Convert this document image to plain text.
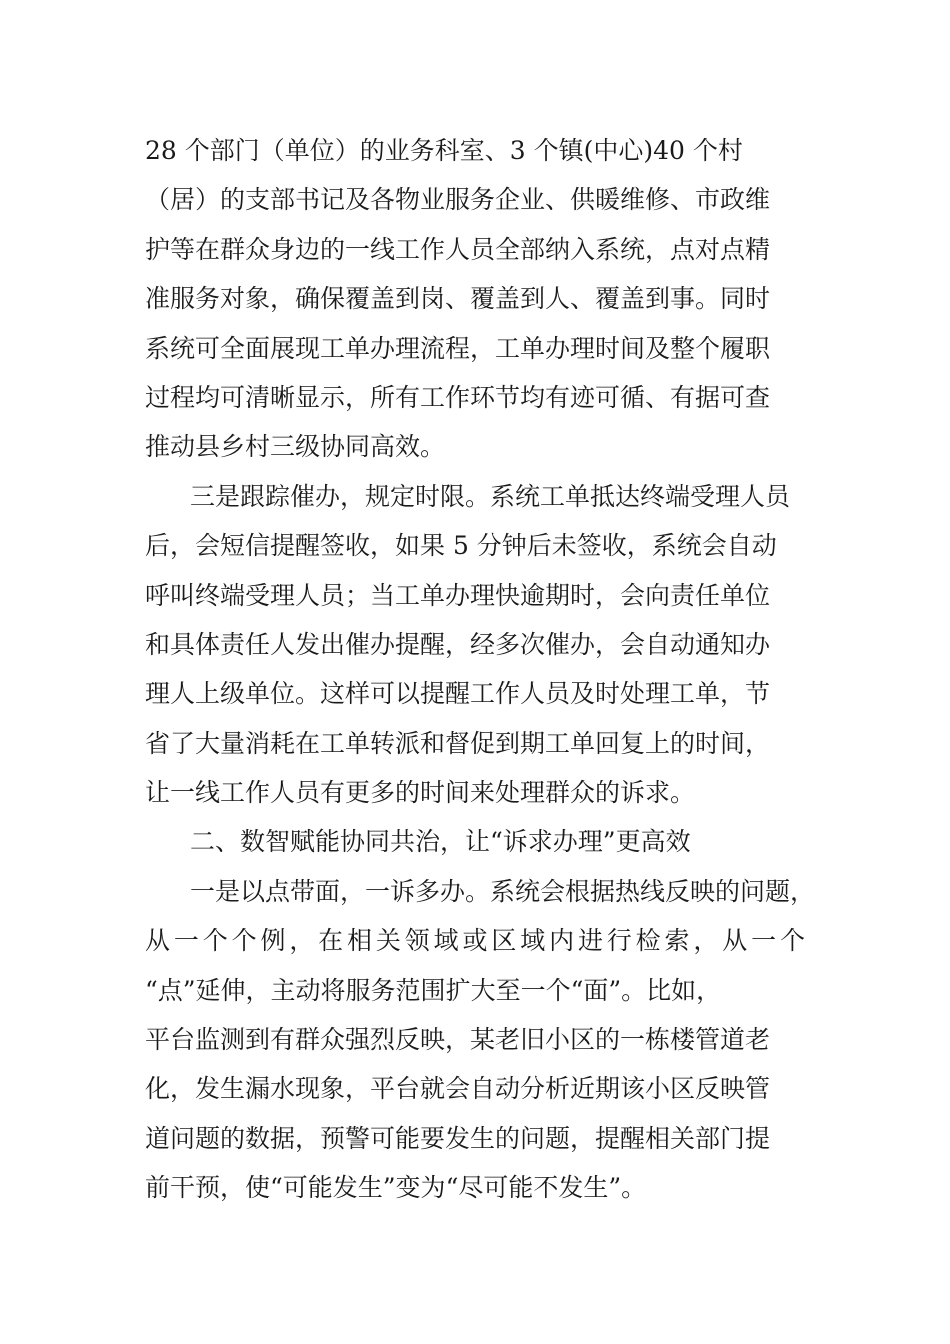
28 个部门（单位）的业务科室、3 个镇(中心)40 个村
（居）的支部书记及各物业服务企业、供暖维修、市政维
护等在群众身边的一线工作人员全部纳入系统，点对点精
准服务对象，确保覆盖到岗、覆盖到人、覆盖到事。同时
系统可全面展现工单办理流程，工单办理时间及整个履职
过程均可清晰显示，所有工作环节均有迹可循、有据可查
推动县乡村三级协同高效。
三是跟踪催办，规定时限。系统工单抵达终端受理人员
后，会短信提醒签收，如果 5 分钟后未签收，系统会自动
呼叫终端受理人员；当工单办理快逾期时，会向责任单位
和具体责任人发出催办提醒，经多次催办，会自动通知办
理人上级单位。这样可以提醒工作人员及时处理工单，节
省了大量消耗在工单转派和督促到期工单回复上的时间，
让一线工作人员有更多的时间来处理群众的诉求。
二、数智赋能协同共治，让“诉求办理”更高效
一是以点带面，一诉多办。系统会根据热线反映的问题，
从一个个例，在相关领域或区域内进行检索，从一个
“点”延伸，主动将服务范围扩大至一个“面”。比如，
平台监测到有群众强烈反映，某老旧小区的一栋楼管道老
化，发生漏水现象，平台就会自动分析近期该小区反映管
道问题的数据，预警可能要发生的问题，提醒相关部门提
前干预，使“可能发生”变为“尽可能不发生”。
